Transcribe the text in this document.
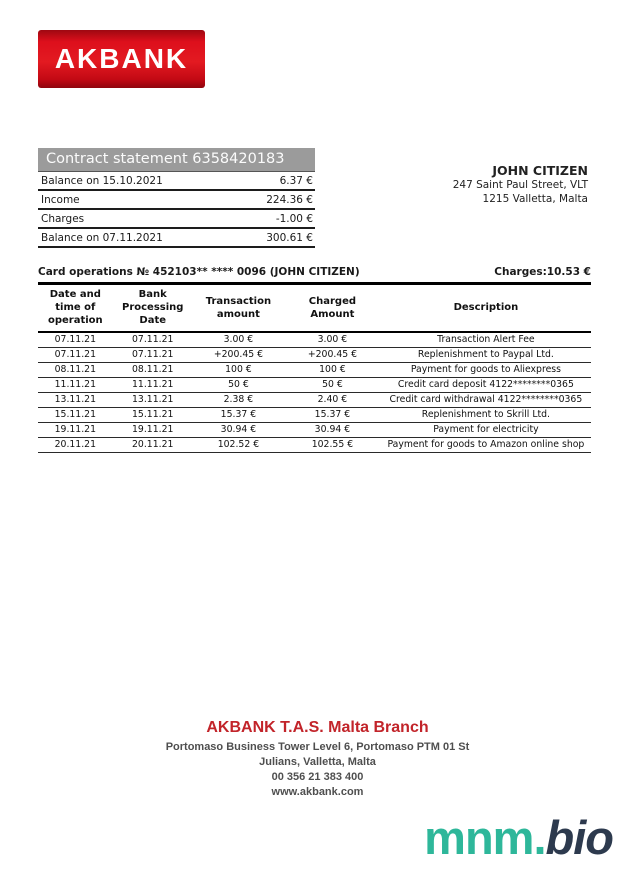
AKBANK
Contract statement 6358420183
Balance on 15.10.2021	6.37 €
Income	224.36 €
Charges	-1.00 €
Balance on 07.11.2021	300.61 €
JOHN CITIZEN
247 Saint Paul Street, VLT
1215 Valletta, Malta
Card operations № 452103** **** 0096 (JOHN CITIZEN)	Charges:10.53 €
Date and time of operation	Bank Processing Date	Transaction amount	Charged Amount	Description
07.11.21	07.11.21	3.00 €	3.00 €	Transaction Alert Fee
07.11.21	07.11.21	+200.45 €	+200.45 €	Replenishment to Paypal Ltd.
08.11.21	08.11.21	100 €	100 €	Payment for goods to Aliexpress
11.11.21	11.11.21	50 €	50 €	Credit card deposit 4122********0365
13.11.21	13.11.21	2.38 €	2.40 €	Credit card withdrawal 4122********0365
15.11.21	15.11.21	15.37 €	15.37 €	Replenishment to Skrill Ltd.
19.11.21	19.11.21	30.94 €	30.94 €	Payment for electricity
20.11.21	20.11.21	102.52 €	102.55 €	Payment for goods to Amazon online shop
AKBANK T.A.S. Malta Branch
Portomaso Business Tower Level 6, Portomaso PTM 01 St
Julians, Valletta, Malta
00 356 21 383 400
www.akbank.com
mnm.bio
